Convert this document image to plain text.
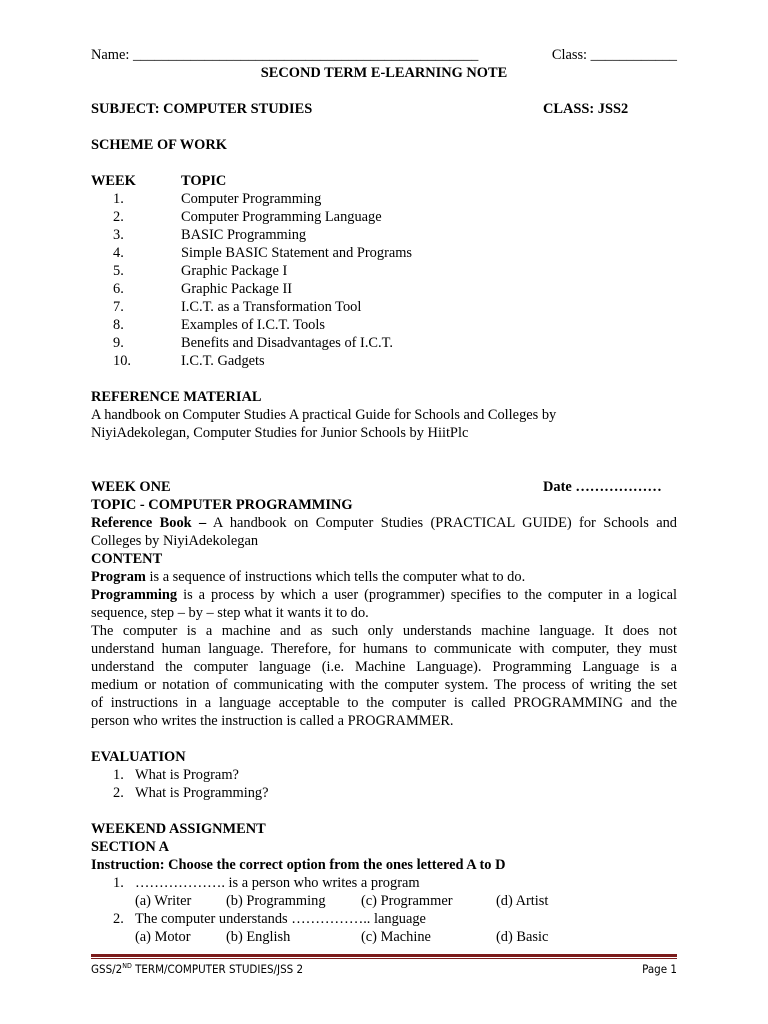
Name: ________________________________________________	Class: ____________
SECOND TERM E-LEARNING NOTE
SUBJECT: COMPUTER STUDIES	CLASS: JSS2
SCHEME OF WORK
WEEK	TOPIC
1.	Computer Programming
2.	Computer Programming Language
3.	BASIC Programming
4.	Simple BASIC Statement and Programs
5.	Graphic Package I
6.	Graphic Package II
7.	I.C.T. as a Transformation Tool
8.	Examples of I.C.T. Tools
9.	Benefits and Disadvantages of I.C.T.
10.	I.C.T. Gadgets
REFERENCE MATERIAL
A handbook on Computer Studies A practical Guide for Schools and Colleges by
NiyiAdekolegan, Computer Studies for Junior Schools by HiitPlc
WEEK ONE	Date ………………
TOPIC - COMPUTER PROGRAMMING
Reference Book – A handbook on Computer Studies (PRACTICAL GUIDE) for Schools and
Colleges by NiyiAdekolegan
CONTENT
Program is a sequence of instructions which tells the computer what to do.
Programming is a process by which a user (programmer) specifies to the computer in a logical
sequence, step – by – step what it wants it to do.
The computer is a machine and as such only understands machine language. It does not
understand human language. Therefore, for humans to communicate with computer, they must
understand the computer language (i.e. Machine Language). Programming Language is a
medium or notation of communicating with the computer system. The process of writing the set
of instructions in a language acceptable to the computer is called PROGRAMMING and the
person who writes the instruction is called a PROGRAMMER.
EVALUATION
1. What is Program?
2. What is Programming?
WEEKEND ASSIGNMENT
SECTION A
Instruction: Choose the correct option from the ones lettered A to D
1. ………………. is a person who writes a program
(a) Writer (b) Programming (c) Programmer	(d) Artist
2. The computer understands …………….. language
(a) Motor (b) English	(c) Machine	(d) Basic
GSS/2ND TERM/COMPUTER STUDIES/JSS 2	Page 1
